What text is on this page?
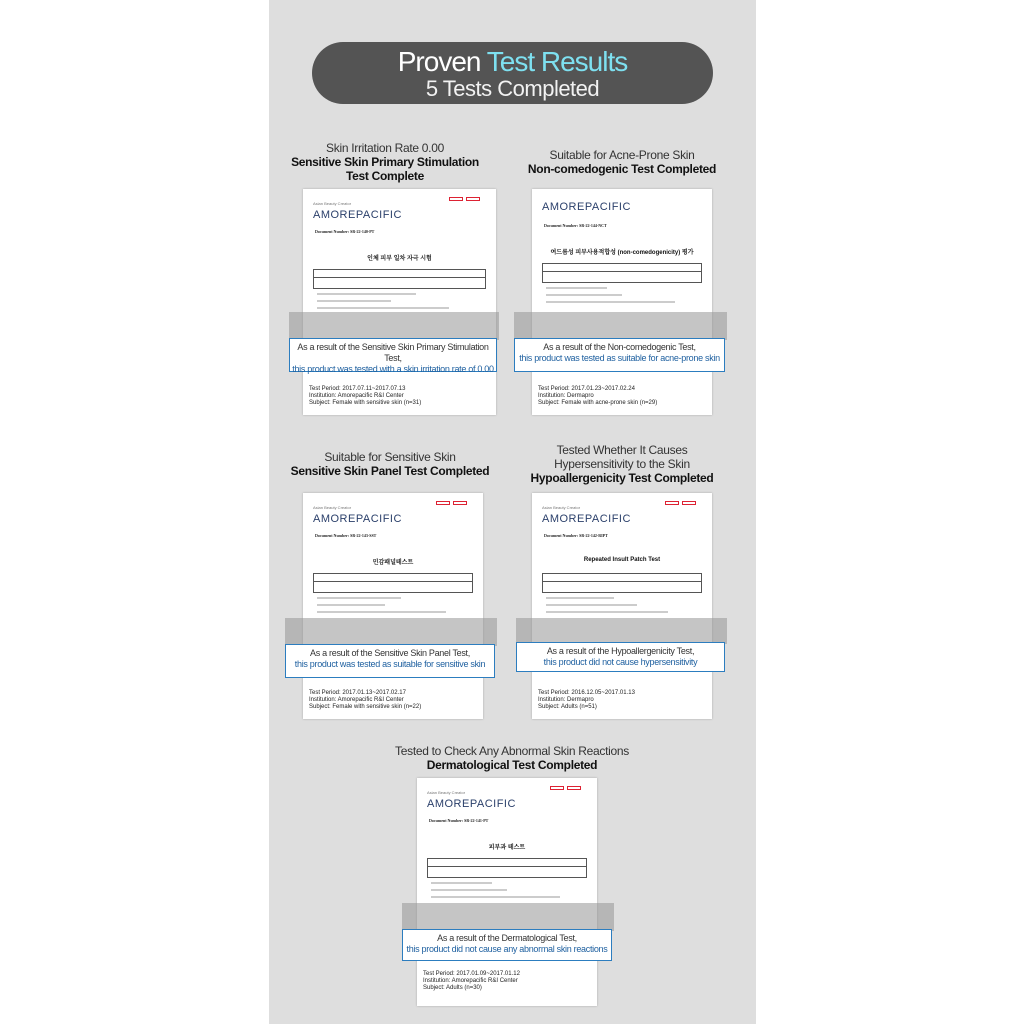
Proven Test Results
5 Tests Completed
Skin Irritation Rate 0.00
Sensitive Skin Primary Stimulation
Test Complete
Asian Beauty Creator
AMOREPACIFIC
Document Number: SR-22-140-PT
인체 피부 일차 자극 시험
Test Period: 2017.07.11~2017.07.13
Institution: Amorepacific R&I Center
Subject: Female with sensitive skin (n=31)
As a result of the Sensitive Skin Primary Stimulation Test,
this product was tested with a skin irritation rate of 0.00
Suitable for Acne-Prone Skin
Non-comedogenic Test Completed
AMOREPACIFIC
Document Number: SR-22-144-NCT
여드름성 피부사용적합성 (non-comedogenicity) 평가
Test Period: 2017.01.23~2017.02.24
Institution: Dermapro
Subject: Female with acne-prone skin (n=29)
As a result of the Non-comedogenic Test,
this product was tested as suitable for acne-prone skin
Suitable for Sensitive Skin
Sensitive Skin Panel Test Completed
Asian Beauty Creator
AMOREPACIFIC
Document Number: SR-22-143-SST
민감패널테스트
Test Period: 2017.01.13~2017.02.17
Institution: Amorepacific R&I Center
Subject: Female with sensitive skin (n=22)
As a result of the Sensitive Skin Panel Test,
this product was tested as suitable for sensitive skin
Tested Whether It Causes
Hypersensitivity to the Skin
Hypoallergenicity Test Completed
Asian Beauty Creator
AMOREPACIFIC
Document Number: SR-22-142-RIPT
Repeated Insult Patch Test
Test Period: 2016.12.05~2017.01.13
Institution: Dermapro
Subject: Adults (n=51)
As a result of the Hypoallergenicity Test,
this product did not cause hypersensitivity
Tested to Check Any Abnormal Skin Reactions
Dermatological Test Completed
Asian Beauty Creator
AMOREPACIFIC
Document Number: SR-22-141-PT
피부과 테스트
Test Period: 2017.01.09~2017.01.12
Institution: Amorepacific R&I Center
Subject: Adults (n=30)
As a result of the Dermatological Test,
this product did not cause any abnormal skin reactions
